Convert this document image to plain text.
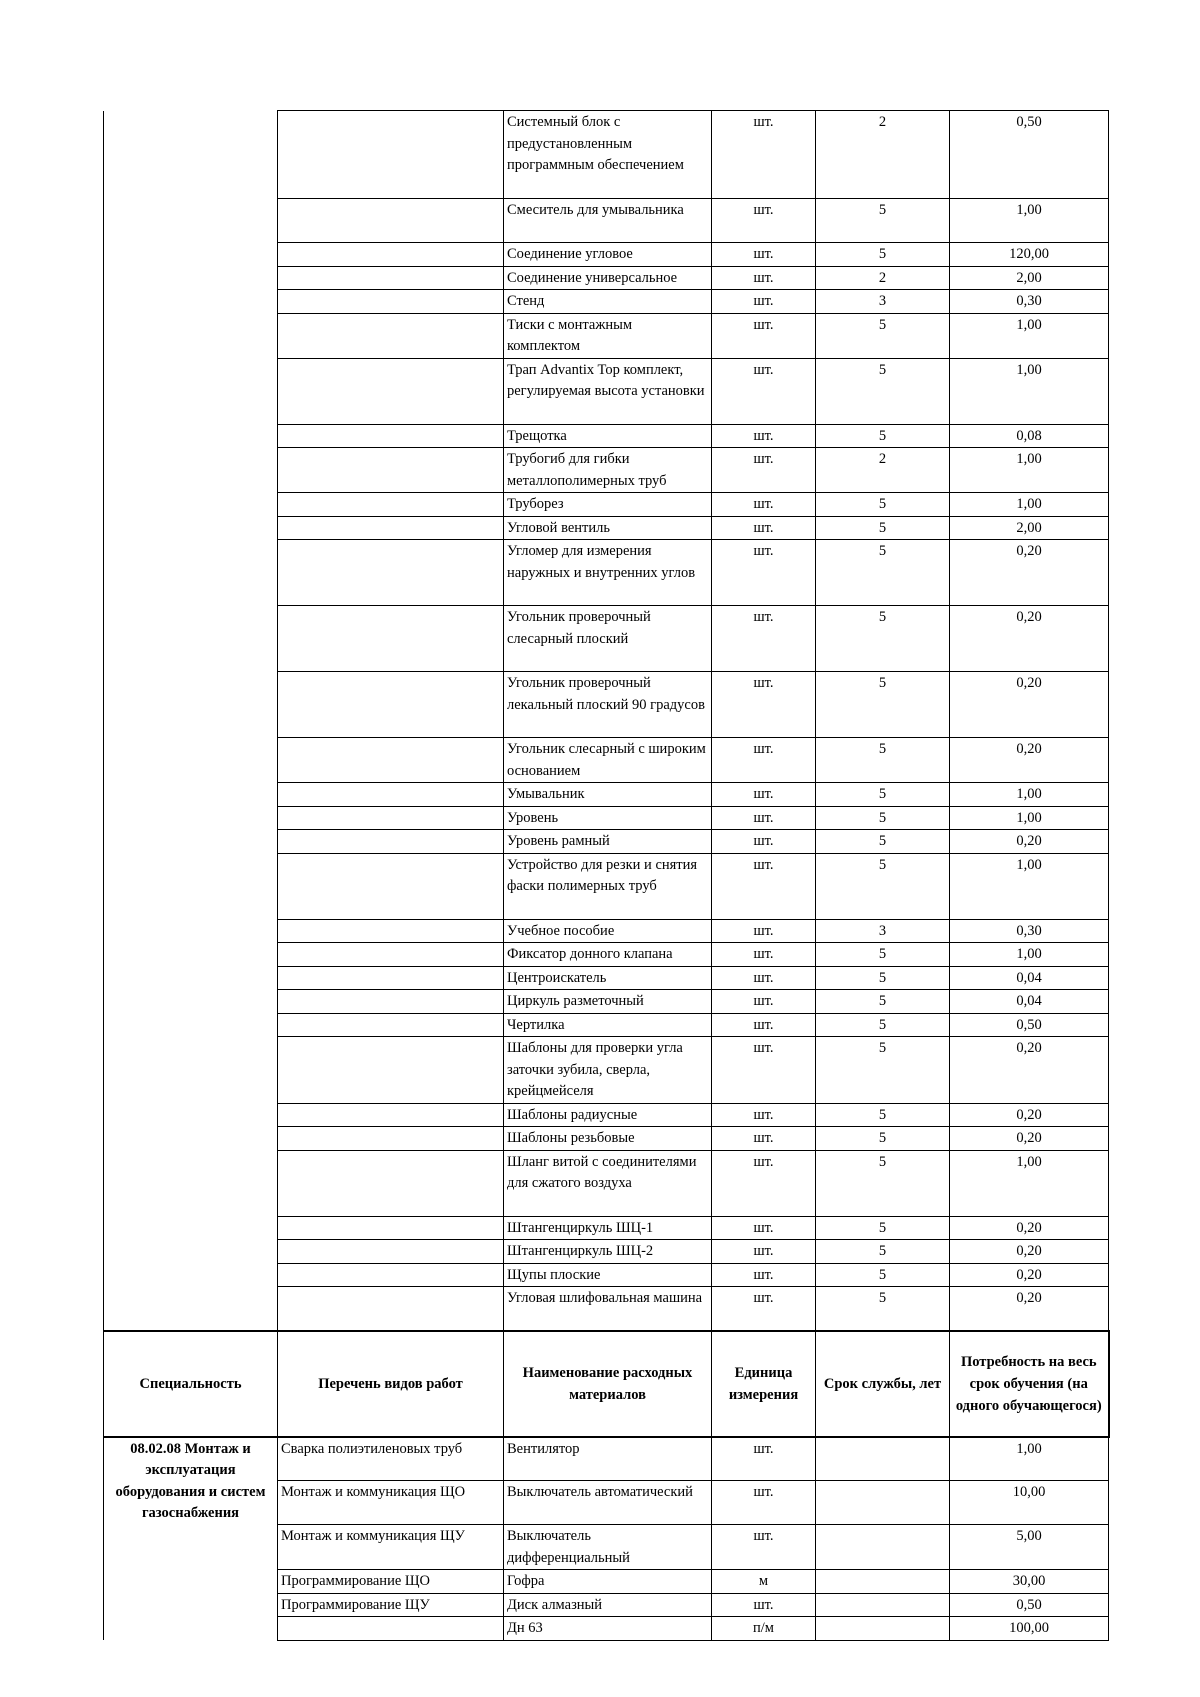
		Системный блок с предустановленным программным обеспечением	шт.	2	0,50
		Смеситель для умывальника	шт.	5	1,00
		Соединение угловое	шт.	5	120,00
		Соединение универсальное	шт.	2	2,00
		Стенд	шт.	3	0,30
		Тиски с монтажным комплектом	шт.	5	1,00
		Трап Advantix Top комплект, регулируемая высота установки	шт.	5	1,00
		Трещотка	шт.	5	0,08
		Трубогиб для гибки металлополимерных труб	шт.	2	1,00
		Труборез	шт.	5	1,00
		Угловой вентиль	шт.	5	2,00
		Угломер для измерения наружных и внутренних углов	шт.	5	0,20
		Угольник проверочный слесарный плоский	шт.	5	0,20
		Угольник проверочный лекальный плоский 90 градусов	шт.	5	0,20
		Угольник слесарный с широким основанием	шт.	5	0,20
		Умывальник	шт.	5	1,00
		Уровень	шт.	5	1,00
		Уровень рамный	шт.	5	0,20
		Устройство для резки и снятия фаски полимерных труб	шт.	5	1,00
		Учебное пособие	шт.	3	0,30
		Фиксатор донного клапана	шт.	5	1,00
		Центроискатель	шт.	5	0,04
		Циркуль разметочный	шт.	5	0,04
		Чертилка	шт.	5	0,50
		Шаблоны для проверки угла заточки зубила, сверла, крейцмейселя	шт.	5	0,20
		Шаблоны радиусные	шт.	5	0,20
		Шаблоны резьбовые	шт.	5	0,20
		Шланг витой с соединителями для сжатого воздуха	шт.	5	1,00
		Штангенциркуль ШЦ-1	шт.	5	0,20
		Штангенциркуль ШЦ-2	шт.	5	0,20
		Щупы плоские	шт.	5	0,20
		Угловая шлифовальная машина	шт.	5	0,20
Специальность	Перечень видов работ	Наименование расходных материалов	Единица измерения	Срок службы, лет	Потребность на весь срок обучения (на одного обучающегося)
08.02.08 Монтаж и эксплуатация оборудования и систем газоснабжения	Сварка полиэтиленовых труб	Вентилятор	шт.		1,00
	Монтаж и коммуникация ЩО	Выключатель автоматический	шт.		10,00
	Монтаж и коммуникация ЩУ	Выключатель дифференциальный	шт.		5,00
	Программирование ЩО	Гофра	м		30,00
	Программирование ЩУ	Диск алмазный	шт.		0,50
		Дн 63	п/м		100,00
